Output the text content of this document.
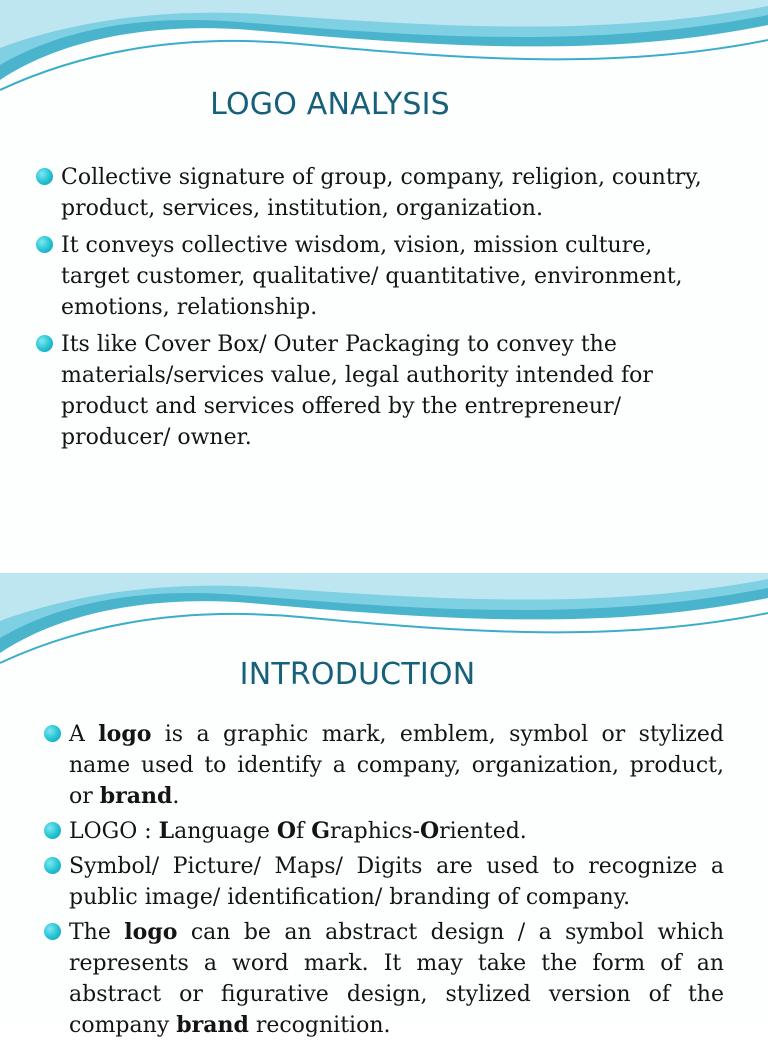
LOGO ANALYSIS
Collective signature of group, company, religion, country, product, services, institution, organization.
It conveys collective wisdom, vision, mission culture, target customer, qualitative/ quantitative, environment, emotions, relationship.
Its like Cover Box/ Outer Packaging to convey the materials/services value, legal authority intended for product and services offered by the entrepreneur/ producer/ owner.
INTRODUCTION
A logo is a graphic mark, emblem, symbol or stylized name used to identify a company, organization, product, or brand.
LOGO : Language Of Graphics-Oriented.
Symbol/ Picture/ Maps/ Digits are used to recognize a public image/ identification/ branding of company.
The logo can be an abstract design / a symbol which represents a word mark. It may take the form of an abstract or figurative design, stylized version of the company brand recognition.
